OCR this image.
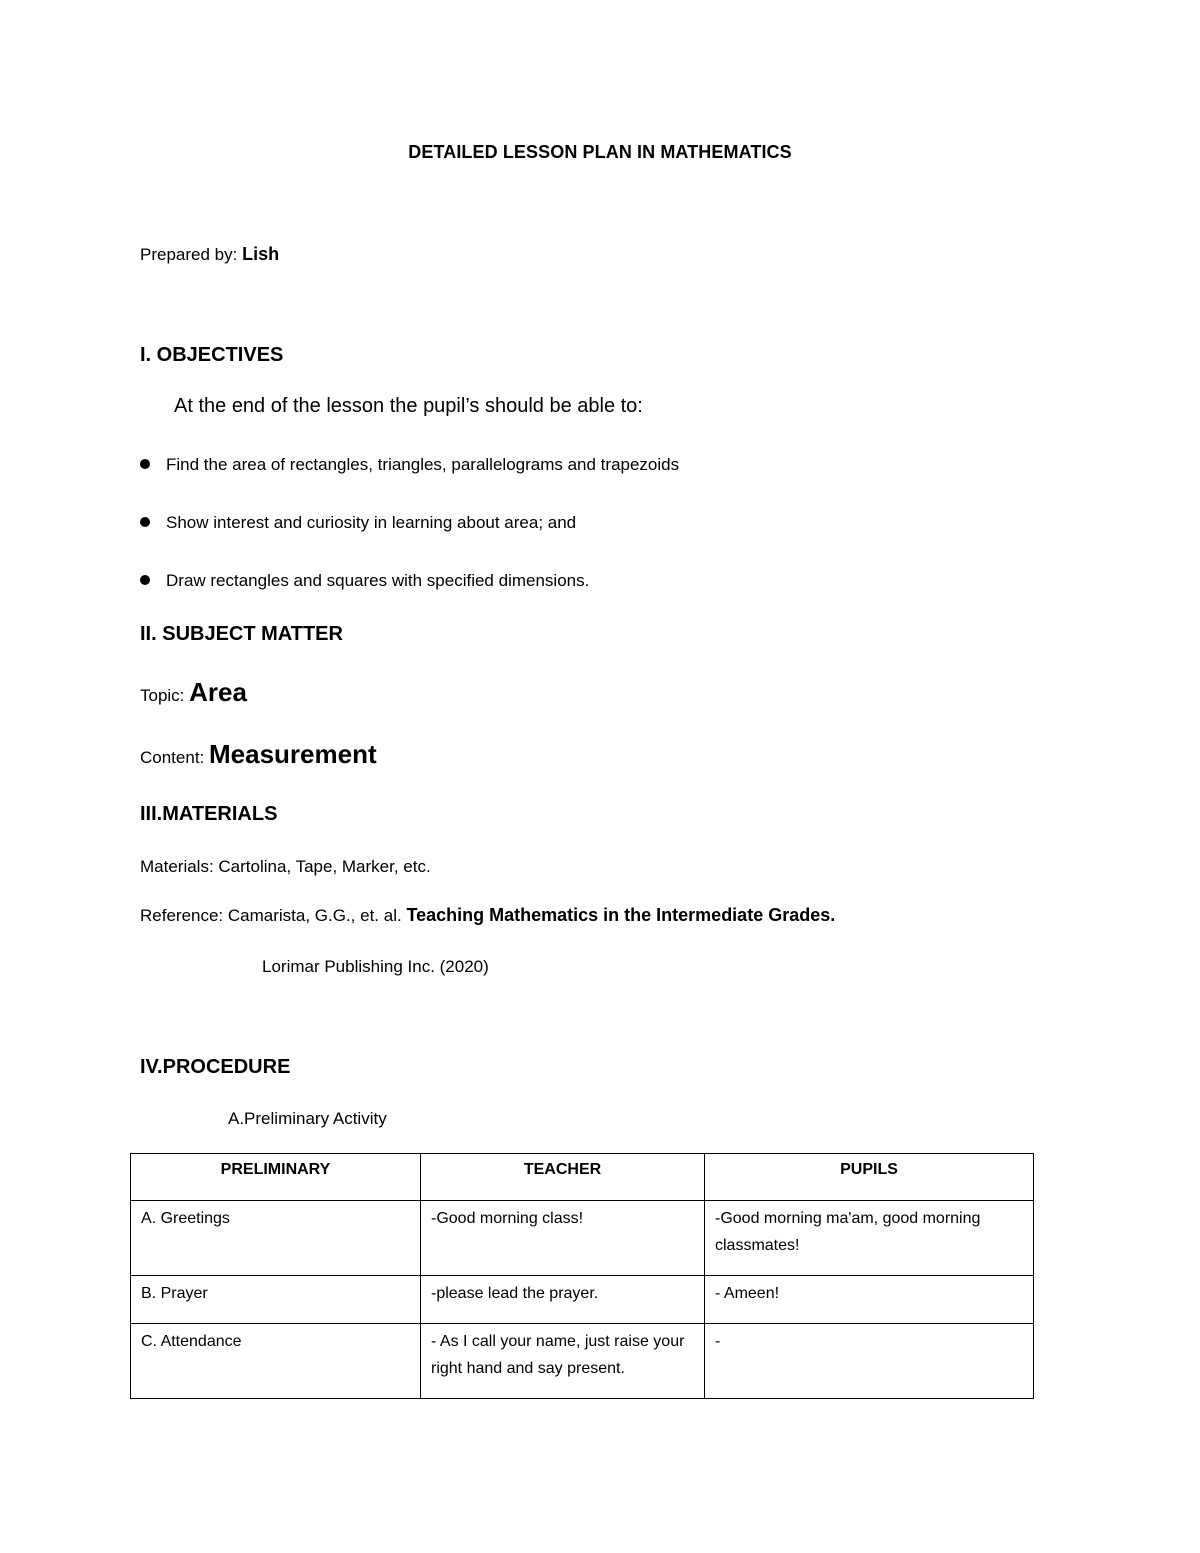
DETAILED LESSON PLAN IN MATHEMATICS
Prepared by: Lish
I. OBJECTIVES
At the end of the lesson the pupil’s should be able to:
Find the area of rectangles, triangles, parallelograms and trapezoids
Show interest and curiosity in learning about area; and
Draw rectangles and squares with specified dimensions.
II. SUBJECT MATTER
Topic: Area
Content: Measurement
III.MATERIALS
Materials: Cartolina, Tape, Marker, etc.
Reference: Camarista, G.G., et. al. Teaching Mathematics in the Intermediate Grades.
Lorimar Publishing Inc. (2020)
IV.PROCEDURE
A.Preliminary Activity
PRELIMINARY	TEACHER	PUPILS
A. Greetings	-Good morning class!	-Good morning ma'am, good morning classmates!
B. Prayer	-please lead the prayer.	- Ameen!
C. Attendance	- As I call your name, just raise your right hand and say present.	-
